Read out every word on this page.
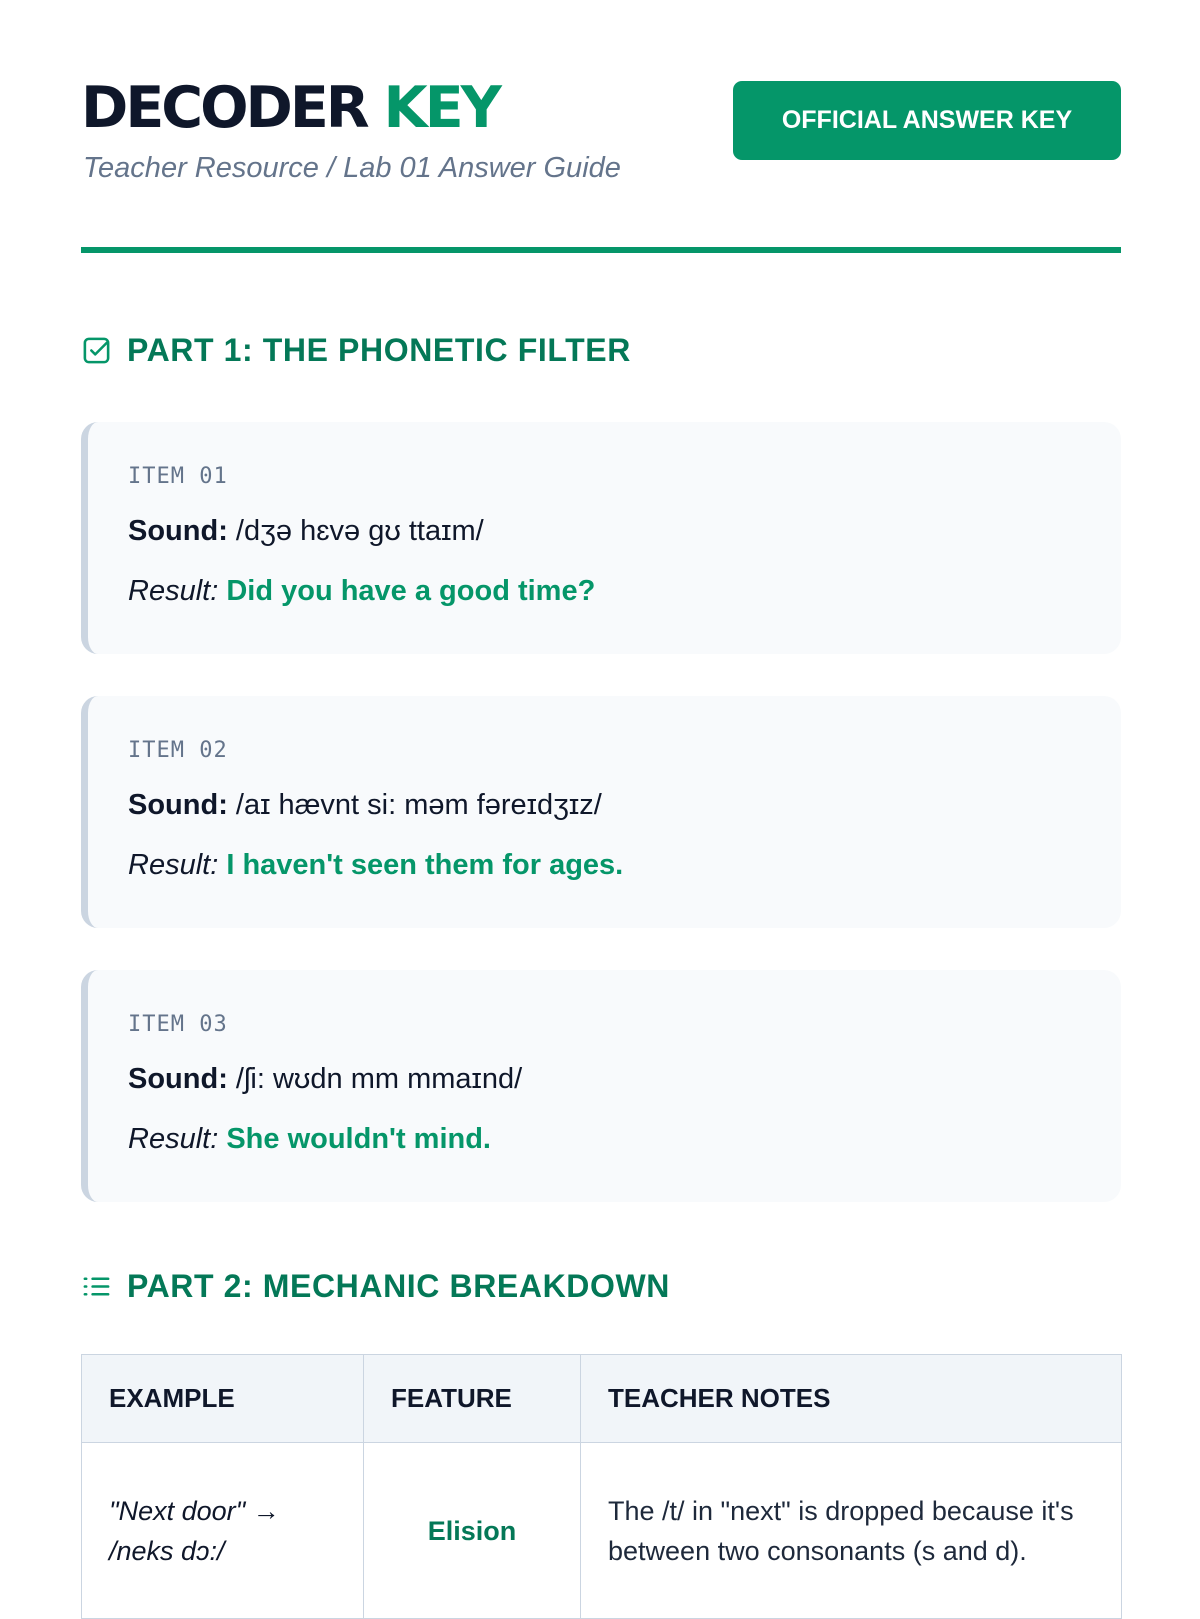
DECODER KEY
Teacher Resource / Lab 01 Answer Guide
OFFICIAL ANSWER KEY
PART 1: THE PHONETIC FILTER
ITEM 01
Sound: /dʒə hɛvə gʊ ttaɪm/
Result: Did you have a good time?
ITEM 02
Sound: /aɪ hævnt si: məm fəreɪdʒɪz/
Result: I haven't seen them for ages.
ITEM 03
Sound: /ʃi: wʊdn mm mmaɪnd/
Result: She wouldn't mind.
PART 2: MECHANIC BREAKDOWN
EXAMPLE	FEATURE	TEACHER NOTES
"Next door" →
/neks dɔ:/	Elision	The /t/ in "next" is dropped because it's between two consonants (s and d).
